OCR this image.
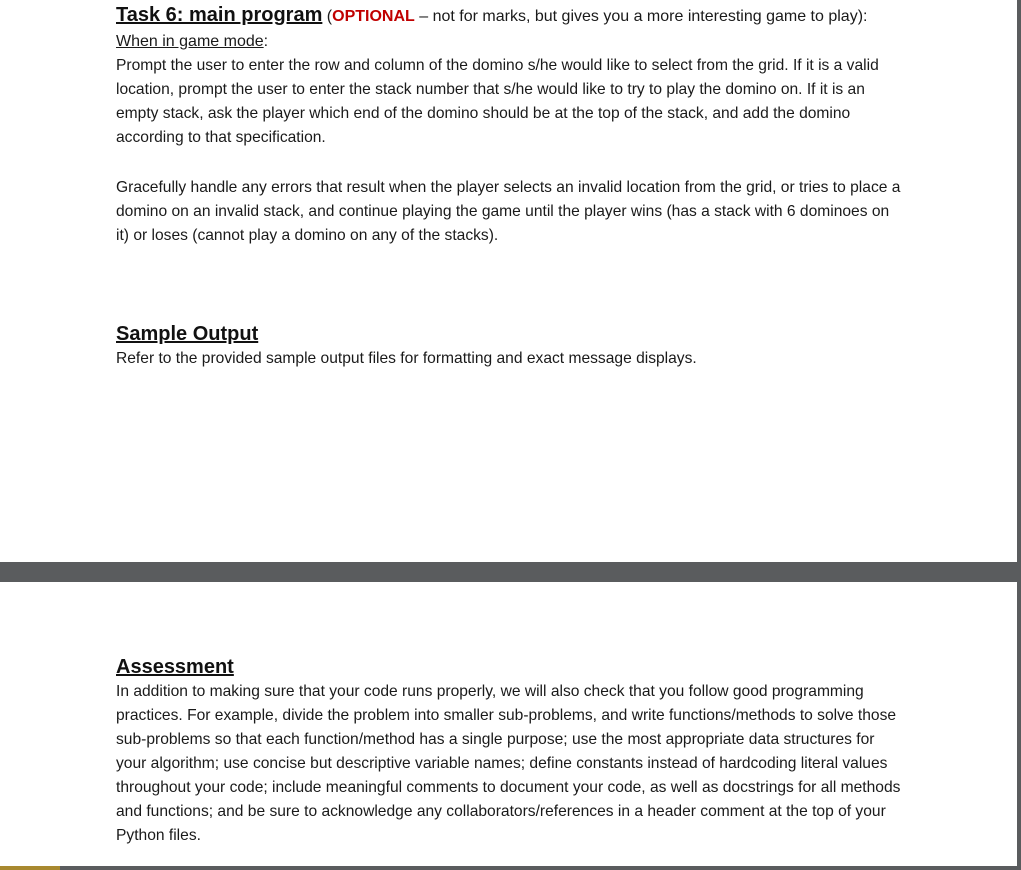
Task 6: main program (OPTIONAL – not for marks, but gives you a more interesting game to play):
When in game mode:

Prompt the user to enter the row and column of the domino s/he would like to select from the grid. If it is a valid location, prompt the user to enter the stack number that s/he would like to try to play the domino on. If it is an empty stack, ask the player which end of the domino should be at the top of the stack, and add the domino according to that specification.

Gracefully handle any errors that result when the player selects an invalid location from the grid, or tries to place a domino on an invalid stack, and continue playing the game until the player wins (has a stack with 6 dominoes on it) or loses (cannot play a domino on any of the stacks).

Sample Output

Refer to the provided sample output files for formatting and exact message displays.

Assessment

In addition to making sure that your code runs properly, we will also check that you follow good programming practices. For example, divide the problem into smaller sub-problems, and write functions/methods to solve those sub-problems so that each function/method has a single purpose; use the most appropriate data structures for your algorithm; use concise but descriptive variable names; define constants instead of hardcoding literal values throughout your code; include meaningful comments to document your code, as well as docstrings for all methods and functions; and be sure to acknowledge any collaborators/references in a header comment at the top of your Python files.
